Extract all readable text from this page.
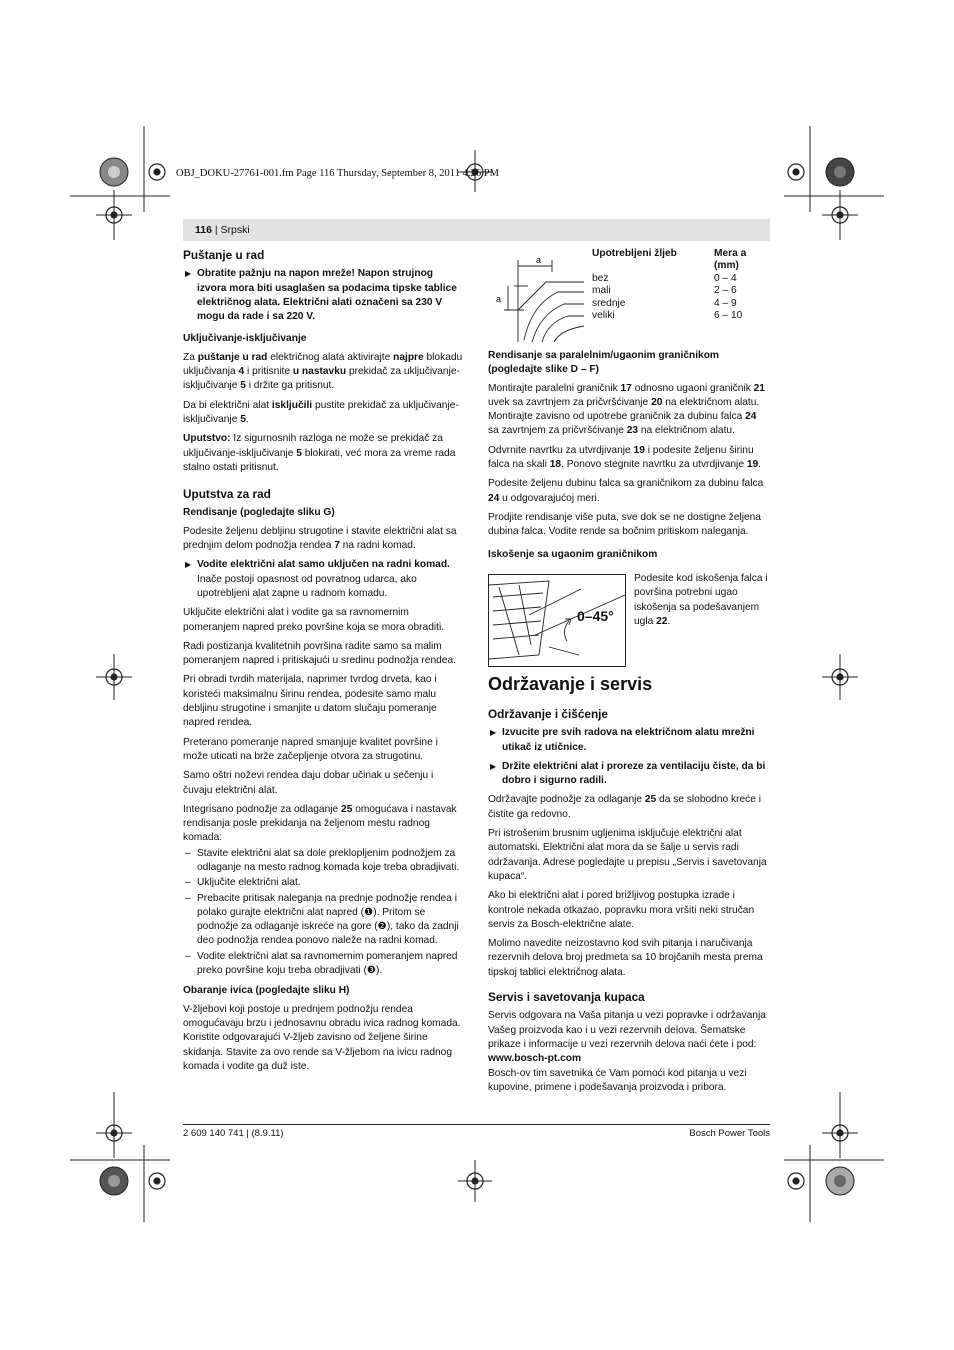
OBJ_DOKU-27761-001.fm Page 116 Thursday, September 8, 2011 4:26 PM
116 | Srpski
Puštanje u rad
▶ Obratite pažnju na napon mreže! Napon strujnog izvora mora biti usaglašen sa podacima tipske tablice električnog alata. Električni alati označeni sa 230 V mogu da rade i sa 220 V.
Uključivanje-isključivanje

Za puštanje u rad električnog alata aktivirajte najpre blokadu uključivanja 4 i pritisnite u nastavku prekidač za uključivanje-isključivanje 5 i držite ga pritisnut.

Da bi električni alat isključili pustite prekidač za uključivanje-isključivanje 5.

Uputstvo: Iz sigurnosnih razloga ne može se prekidač za uključivanje-isključivanje 5 blokirati, već mora za vreme rada stalno ostati pritisnut.

Uputstva za rad
Rendisanje (pogledajte sliku G)

Podesite željenu debljinu strugotine i stavite električni alat sa prednjim delom podnožja rendea 7 na radni komad.

▶ Vodite električni alat samo uključen na radni komad.
Inače postoji opasnost od povratnog udarca, ako upotrebljeni alat zapne u radnom komadu.

Uključite električni alat i vodite ga sa ravnomernim pomeranjem napred preko površine koja se mora obraditi.

Radi postizanja kvalitetnih površina radite samo sa malim pomeranjem napred i pritiskajući u sredinu podnožja rendea.

Pri obradi tvrdih materijala, naprimer tvrdog drveta, kao i koristeći maksimalnu širinu rendea, podesite samo malu debljinu strugotine i smanjite u datom slučaju pomeranje napred rendea.

Preterano pomeranje napred smanjuje kvalitet površine i može uticati na brže začepljenje otvora za strugotinu.

Samo oštri noževi rendea daju dobar učinak u sečenju i čuvaju električni alat.

Integrisano podnožje za odlaganje 25 omogućava i nastavak rendisanja posle prekidanja na željenom mestu radnog komada:

– Stavite električni alat sa dole preklopljenim podnožjem za odlaganje na mesto radnog komada koje treba obradjivati.
– Uključite električni alat.
– Prebacite pritisak naleganja na prednje podnožje rendea i polako gurajte električni alat napred (❶). Pritom se podnožje za odlaganje iskreće na gore (❷), tako da zadnji deo podnožja rendea ponovo naleže na radni komad.
– Vodite električni alat sa ravnomernim pomeranjem napred preko površine koju treba obradjivati (❸).
Obaranje ivica (pogledajte sliku H)

V-žljebovi koji postoje u prednjem podnožju rendea omogućavaju brzu i jednosavnu obradu ivica radnog komada. Koristite odgovarajući V-žljeb zavisno od željene širine skidanja. Stavite za ovo rende sa V-žljebom na ivicu radnog komada i vodite ga duž iste.

a
a
Upotrebljeni žljeb	Mera a (mm)
bez	0 – 4
mali	2 – 6
srednje	4 – 9
veliki	6 – 10
Rendisanje sa paralelnim/ugaonim graničnikom (pogledajte slike D – F)

Montirajte paralelni graničnik 17 odnosno ugaoni graničnik 21 uvek sa zavrtnjem za pričvršćivanje 20 na električnom alatu. Montirajte zavisno od upotrebe graničnik za dubinu falca 24 sa zavrtnjem za pričvršćivanje 23 na električnom alatu.

Odvrnite navrtku za utvrdjivanje 19 i podesite željenu širinu falca na skali 18. Ponovo stegnite navrtku za utvrdjivanje 19.

Podesite željenu dubinu falca sa graničnikom za dubinu falca 24 u odgovarajućoj meri.

Prodjite rendisanje više puta, sve dok se ne dostigne željena dubina falca. Vodite rende sa bočnim pritiskom naleganja.

Iskošenje sa ugaonim graničnikom
0–45°
Podesite kod iskošenja falca i površina potrebni ugao iskošenja sa podešavanjem ugla 22.
Održavanje i servis
Održavanje i čišćenje
▶ Izvucite pre svih radova na električnom alatu mrežni utikač iz utičnice.
▶ Držite električni alat i proreze za ventilaciju čiste, da bi dobro i sigurno radili.

Održavajte podnožje za odlaganje 25 da se slobodno kreće i čistite ga redovno.

Pri istrošenim brusnim ugljenima isključuje električni alat automatski. Električni alat mora da se šalje u servis radi održavanja. Adrese pogledajte u prepisu „Servis i savetovanja kupaca“.

Ako bi električni alat i pored brižljivog postupka izrade i kontrole nekada otkazao, popravku mora vršiti neki stručan servis za Bosch-električne alate.

Molimo navedite neizostavno kod svih pitanja i naručivanja rezervnih delova broj predmeta sa 10 brojčanih mesta prema tipskoj tablici električnog alata.

Servis i savetovanja kupaca

Servis odgovara na Vaša pitanja u vezi popravke i održavanja Vašeg proizvoda kao i u vezi rezervnih delova. Šematske prikaze i informacije u vezi rezervnih delova naći ćete i pod:

www.bosch-pt.com

Bosch-ov tim savetnika će Vam pomoći kod pitanja u vezi kupovine, primene i podešavanja proizvoda i pribora.

2 609 140 741 | (8.9.11)	Bosch Power Tools
